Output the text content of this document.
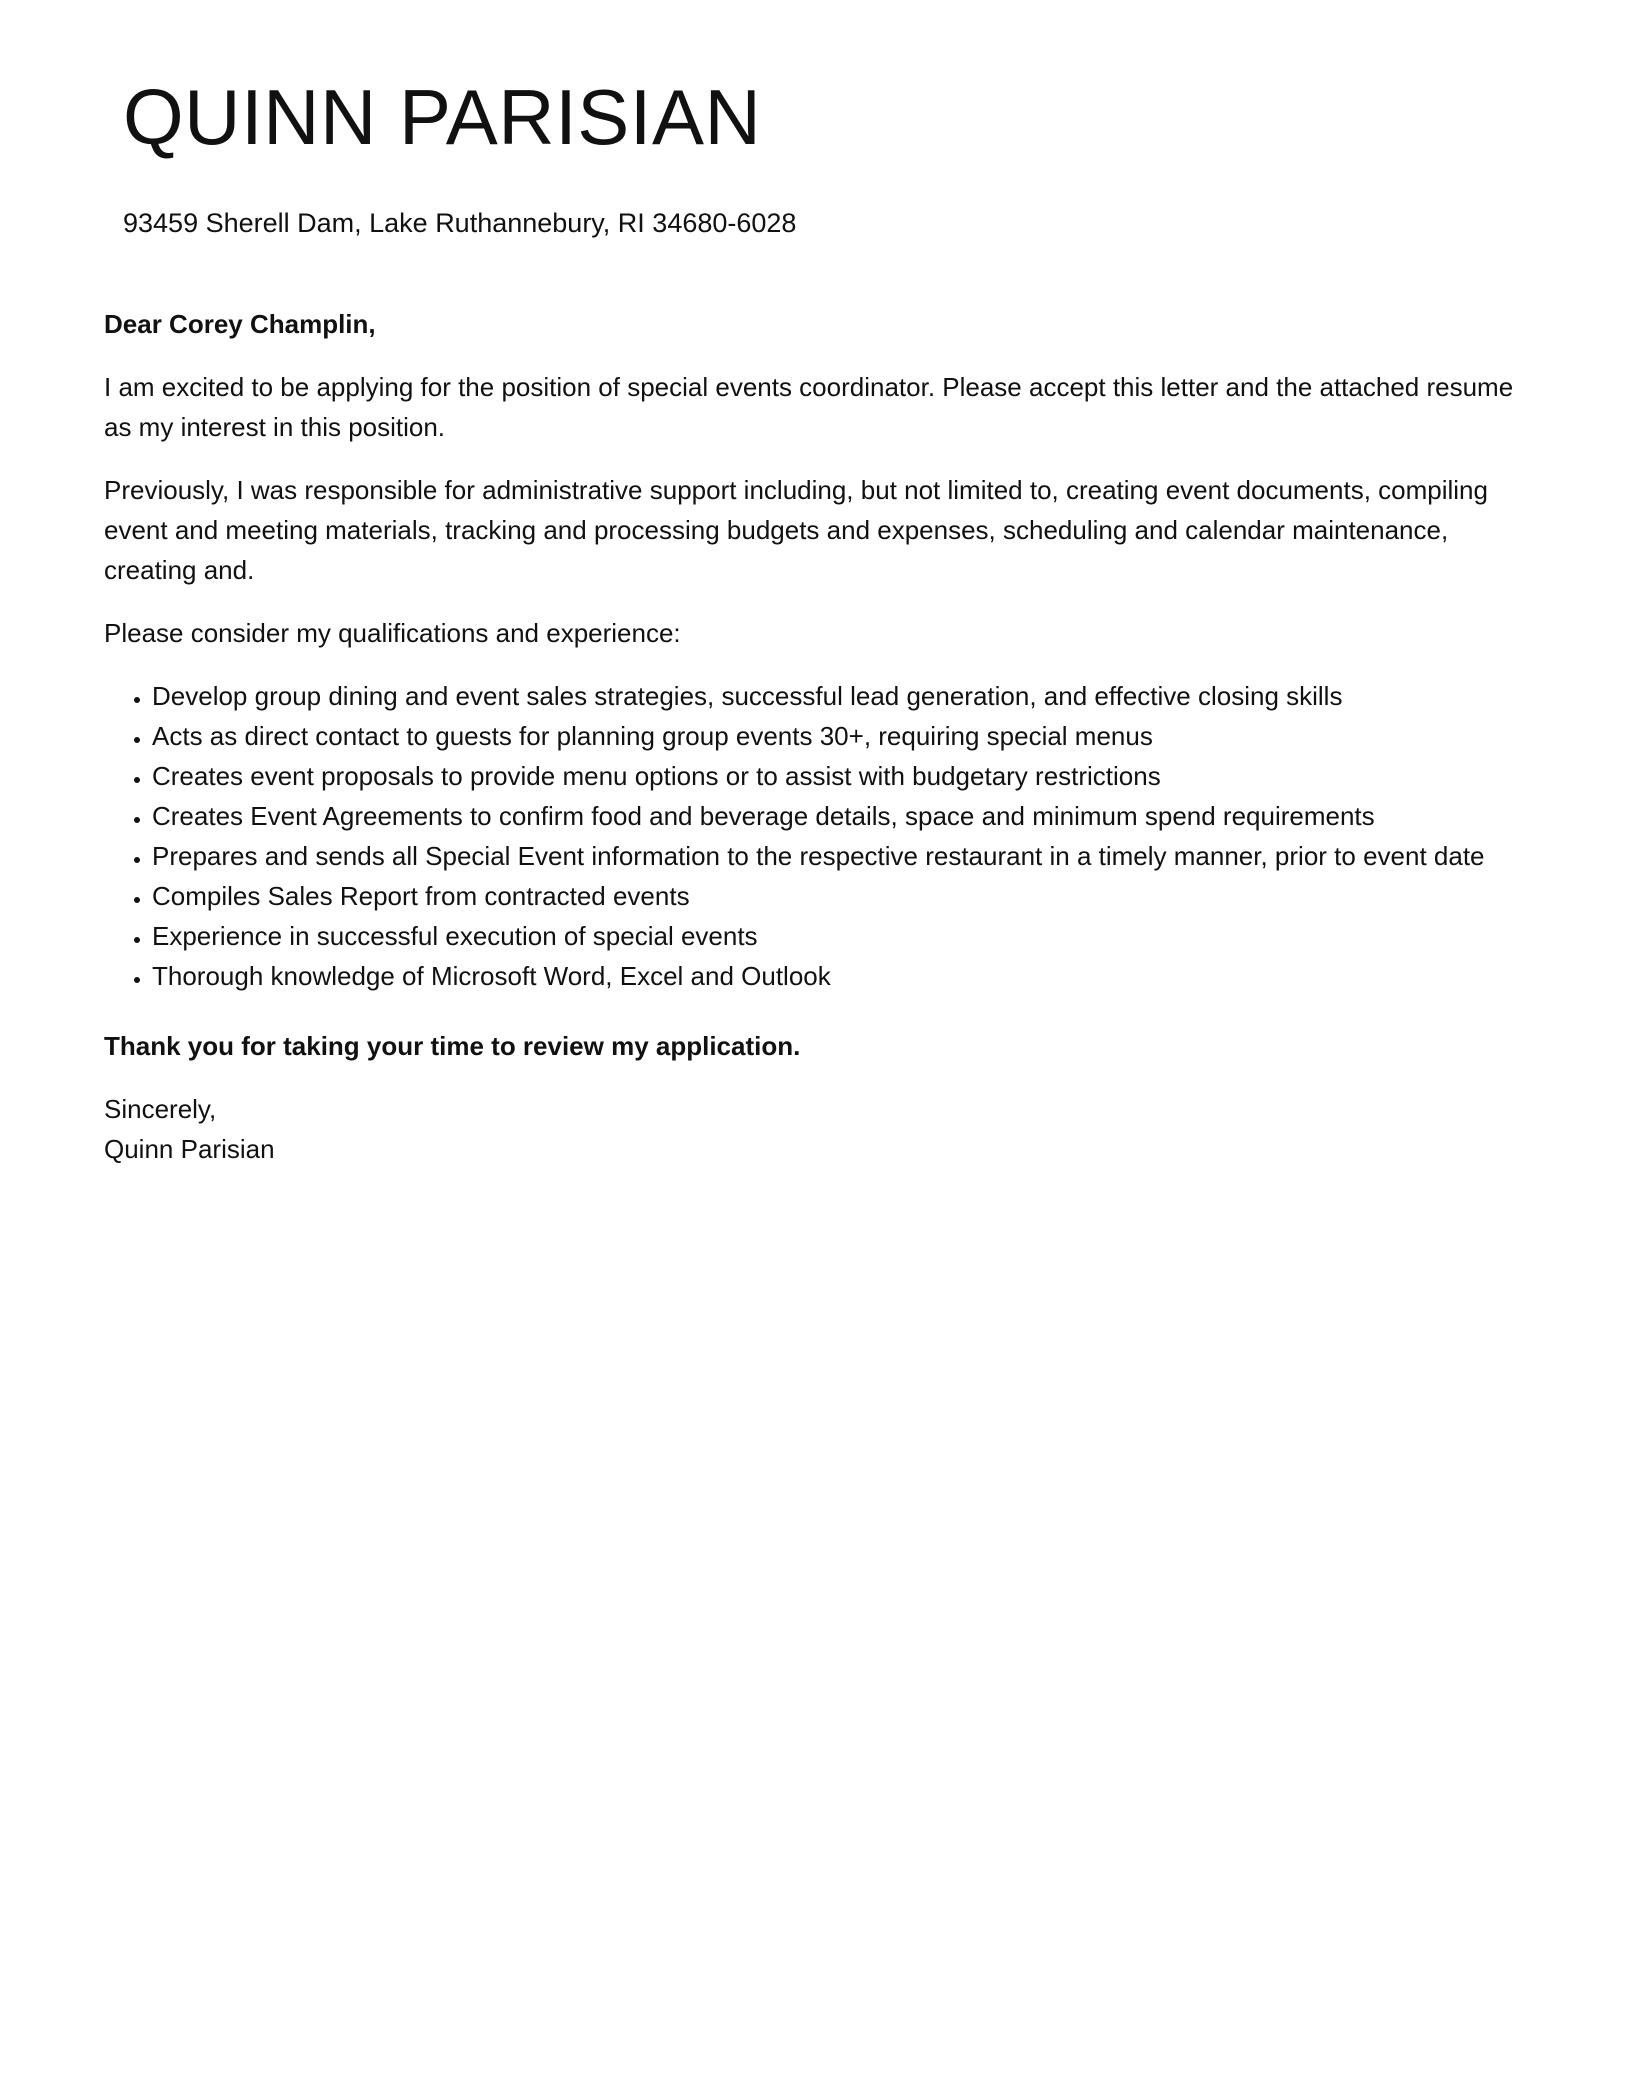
QUINN PARISIAN
93459 Sherell Dam, Lake Ruthannebury, RI 34680-6028

Dear Corey Champlin,

I am excited to be applying for the position of special events coordinator. Please accept this letter and the attached resume as my interest in this position.

Previously, I was responsible for administrative support including, but not limited to, creating event documents, compiling event and meeting materials, tracking and processing budgets and expenses, scheduling and calendar maintenance, creating and.

Please consider my qualifications and experience:

• Develop group dining and event sales strategies, successful lead generation, and effective closing skills
• Acts as direct contact to guests for planning group events 30+, requiring special menus
• Creates event proposals to provide menu options or to assist with budgetary restrictions
• Creates Event Agreements to confirm food and beverage details, space and minimum spend requirements
• Prepares and sends all Special Event information to the respective restaurant in a timely manner, prior to event date
• Compiles Sales Report from contracted events
• Experience in successful execution of special events
• Thorough knowledge of Microsoft Word, Excel and Outlook

Thank you for taking your time to review my application.

Sincerely,

Quinn Parisian
